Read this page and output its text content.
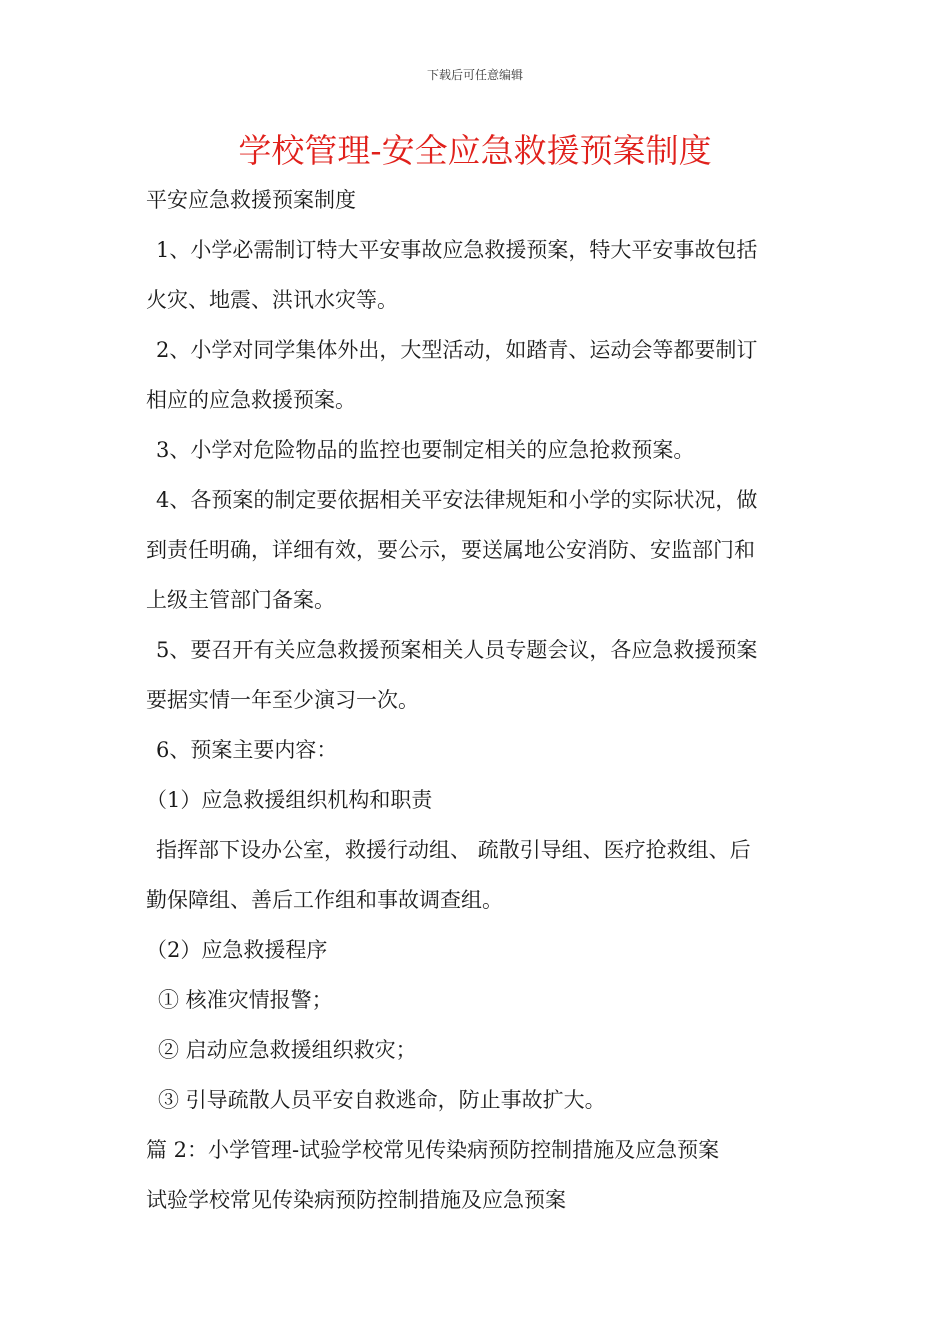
下载后可任意编辑
学校管理-安全应急救援预案制度
平安应急救援预案制度
1、小学必需制订特大平安事故应急救援预案，特大平安事故包括
火灾、地震、洪讯水灾等。
2、小学对同学集体外出，大型活动，如踏青、运动会等都要制订
相应的应急救援预案。
3、小学对危险物品的监控也要制定相关的应急抢救预案。
4、各预案的制定要依据相关平安法律规矩和小学的实际状况，做
到责任明确，详细有效，要公示，要送属地公安消防、安监部门和
上级主管部门备案。
5、要召开有关应急救援预案相关人员专题会议，各应急救援预案
要据实情一年至少演习一次。
6、预案主要内容：
（1）应急救援组织机构和职责
指挥部下设办公室，救援行动组、 疏散引导组、医疗抢救组、后
勤保障组、善后工作组和事故调查组。
（2）应急救援程序
① 核准灾情报警；
② 启动应急救援组织救灾；
③ 引导疏散人员平安自救逃命，防止事故扩大。
篇 2：小学管理-试验学校常见传染病预防控制措施及应急预案
试验学校常见传染病预防控制措施及应急预案
